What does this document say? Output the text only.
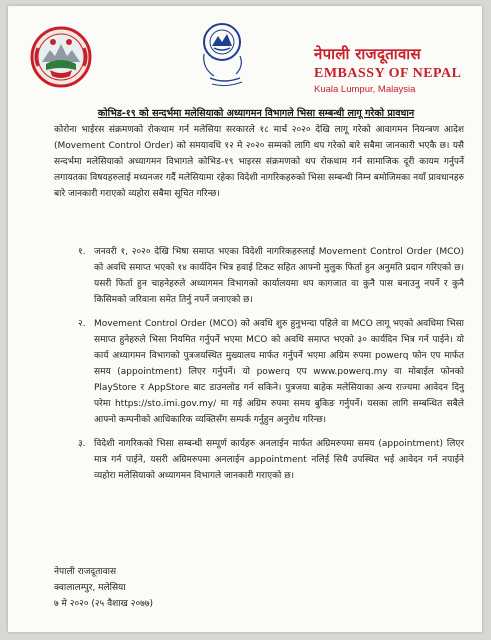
नेपाली राजदूतावास
EMBASSY OF NEPAL
Kuala Lumpur, Malaysia
कोभिड-१९ को सन्दर्भमा मलेसियाको अध्यागमन विभागले भिसा सम्बन्धी लागू गरेको प्रावधान
कोरोना भाईरस संक्रमणको रोकथाम गर्न मलेसिया सरकारले १८ मार्च २०२० देखि लागू गरेको आवागमन नियन्त्रण आदेश (Movement Control Order) को समयावधि १२ मे २०२० सम्मको लागि थप गरेको बारे सबैमा जानकारी भएकै छ। यसै सन्दर्भमा मलेसियाको अध्यागमन विभागले कोभिड-१९ भाइरस संक्रमणको थप रोकथाम गर्न सामाजिक दूरी कायम गर्नुपर्ने लगायतका विषयहरुलाई मध्यनजर गर्दै मलेसियामा रहेका विदेशी नागरिकहरुको भिसा सम्बन्धी निम्न बमोजिमका नयाँ प्रावधानहरु बारे जानकारी गराएको व्यहोरा सबैमा सूचित गरिन्छ।
१. जनवरी १, २०२० देखि भिषा समाप्त भएका विदेशी नागरिकहरुलाई Movement Control Order (MCO) को अवधि समाप्त भएको १४ कार्यदिन भित्र हवाई टिकट सहित आफ्नो मुलुक फिर्ता हुन अनुमति प्रदान गरिएको छ। यसरी फिर्ता हुन चाहनेहरुले अध्यागमन विभागको कार्यालयमा थप कागजात वा कुनै पास बनाउनु नपर्ने र कुनै किसिमको जरिवाना समेत तिर्नु नपर्ने जनाएको छ।
२. Movement Control Order (MCO) को अवधि शुरु हुनुभन्दा पहिले वा MCO लागू भएको अवधिमा भिसा समाप्त हुनेहरुले भिसा नियमित गर्नुपर्ने भएमा MCO को अवधि समाप्त भएको ३० कार्यदिन भित्र गर्न पाईने। यो कार्य अध्यागमन विभागको पुत्रजयस्थित मुख्यालय मार्फत गर्नुपर्ने भएमा अग्रिम रुपमा powerq फोन एप मार्फत समय (appointment) लिएर गर्नुपर्ने। यो powerq एप www.powerq.my वा मोबाईल फोनको PlayStore र AppStore बाट डाउनलोड गर्न सकिने। पुत्रजया बाहेक मलेसियाका अन्य राज्यमा आवेदन दिनु परेमा https://sto.imi.gov.my/ मा गई अग्रिम रुपमा समय बुकिङ गर्नुपर्ने। यसका लागि सम्बन्धित सबैले आफ्नो कम्पनीको आधिकारिक व्यक्तिसँग सम्पर्क गर्नुहुन अनुरोध गरिन्छ।
३. विदेशी नागरिकको भिसा सम्बन्धी सम्पूर्ण कार्यहरु अनलाईन मार्फत अग्रिमरुपमा समय (appointment) लिएर मात्र गर्न पाईने, यसरी अग्रिमरुपमा अनलाईन appointment नलिई सिधै उपस्थित भई आवेदन गर्न नपाईने व्यहोरा मलेसियाको अध्यागमन विभागले जानकारी गराएको छ।
नेपाली राजदूतावास
क्वालालम्पुर, मलेसिया
७ मे २०२० (२५ वैशाख २०७७)
